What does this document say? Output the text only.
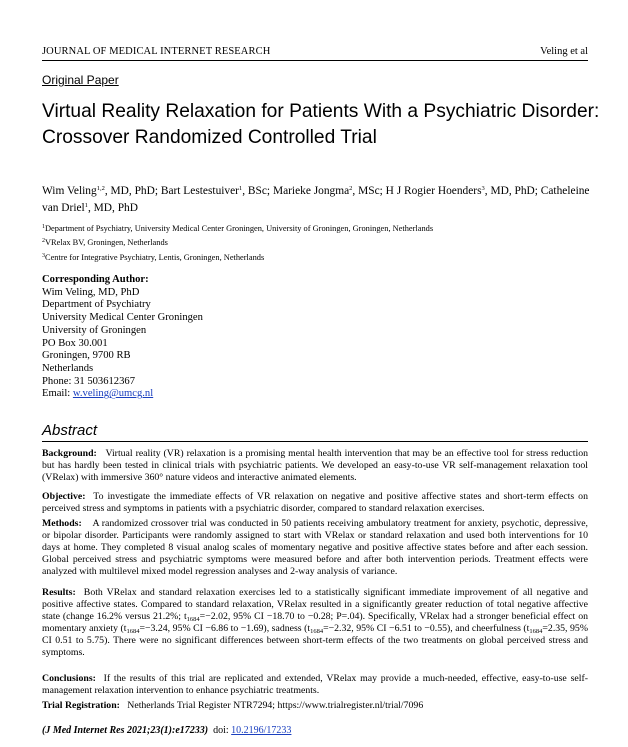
JOURNAL OF MEDICAL INTERNET RESEARCH	Veling et al
Original Paper
Virtual Reality Relaxation for Patients With a Psychiatric Disorder:
Crossover Randomized Controlled Trial
Wim Veling$^{1,2}$, MD, PhD; Bart Lestestuiver$^1$, BSc; Marieke Jongma$^2$, MSc; H J Rogier Hoenders$^3$, MD, PhD; Catheleine van Driel$^1$, MD, PhD
$^1$Department of Psychiatry, University Medical Center Groningen, University of Groningen, Groningen, Netherlands
$^2$VRelax BV, Groningen, Netherlands
$^3$Centre for Integrative Psychiatry, Lentis, Groningen, Netherlands
Corresponding Author:
Wim Veling, MD, PhD
Department of Psychiatry
University Medical Center Groningen
University of Groningen
PO Box 30.001
Groningen, 9700 RB
Netherlands
Phone: 31 503612367
Email: w.veling@umcg.nl
Abstract
Background: Virtual reality (VR) relaxation is a promising mental health intervention that may be an effective tool for stress reduction but has hardly been tested in clinical trials with psychiatric patients. We developed an easy-to-use VR self-management relaxation tool (VRelax) with immersive 360° nature videos and interactive animated elements.
Objective: To investigate the immediate effects of VR relaxation on negative and positive affective states and short-term effects on perceived stress and symptoms in patients with a psychiatric disorder, compared to standard relaxation exercises.
Methods: A randomized crossover trial was conducted in 50 patients receiving ambulatory treatment for anxiety, psychotic, depressive, or bipolar disorder. Participants were randomly assigned to start with VRelax or standard relaxation and used both interventions for 10 days at home. They completed 8 visual analog scales of momentary negative and positive affective states before and after each session. Global perceived stress and psychiatric symptoms were measured before and after both intervention periods. Treatment effects were analyzed with multilevel mixed model regression analyses and 2-way analysis of variance.
Results: Both VRelax and standard relaxation exercises led to a statistically significant immediate improvement of all negative and positive affective states. Compared to standard relaxation, VRelax resulted in a significantly greater reduction of total negative affective state (change 16.2% versus 21.2%; $t_{1684}=-2.02$, 95% CI −18.70 to −0.28; P=.04). Specifically, VRelax had a stronger beneficial effect on momentary anxiety ($t_{1684}=-3.24$, 95% CI −6.86 to −1.69), sadness ($t_{1684}=-2.32$, 95% CI −6.51 to −0.55), and cheerfulness ($t_{1684}=2.35$, 95% CI 0.51 to 5.75). There were no significant differences between short-term effects of the two treatments on global perceived stress and symptoms.
Conclusions: If the results of this trial are replicated and extended, VRelax may provide a much-needed, effective, easy-to-use self-management relaxation intervention to enhance psychiatric treatments.
Trial Registration: Netherlands Trial Register NTR7294; https://www.trialregister.nl/trial/7096
(J Med Internet Res 2021;23(1):e17233) doi: 10.2196/17233
